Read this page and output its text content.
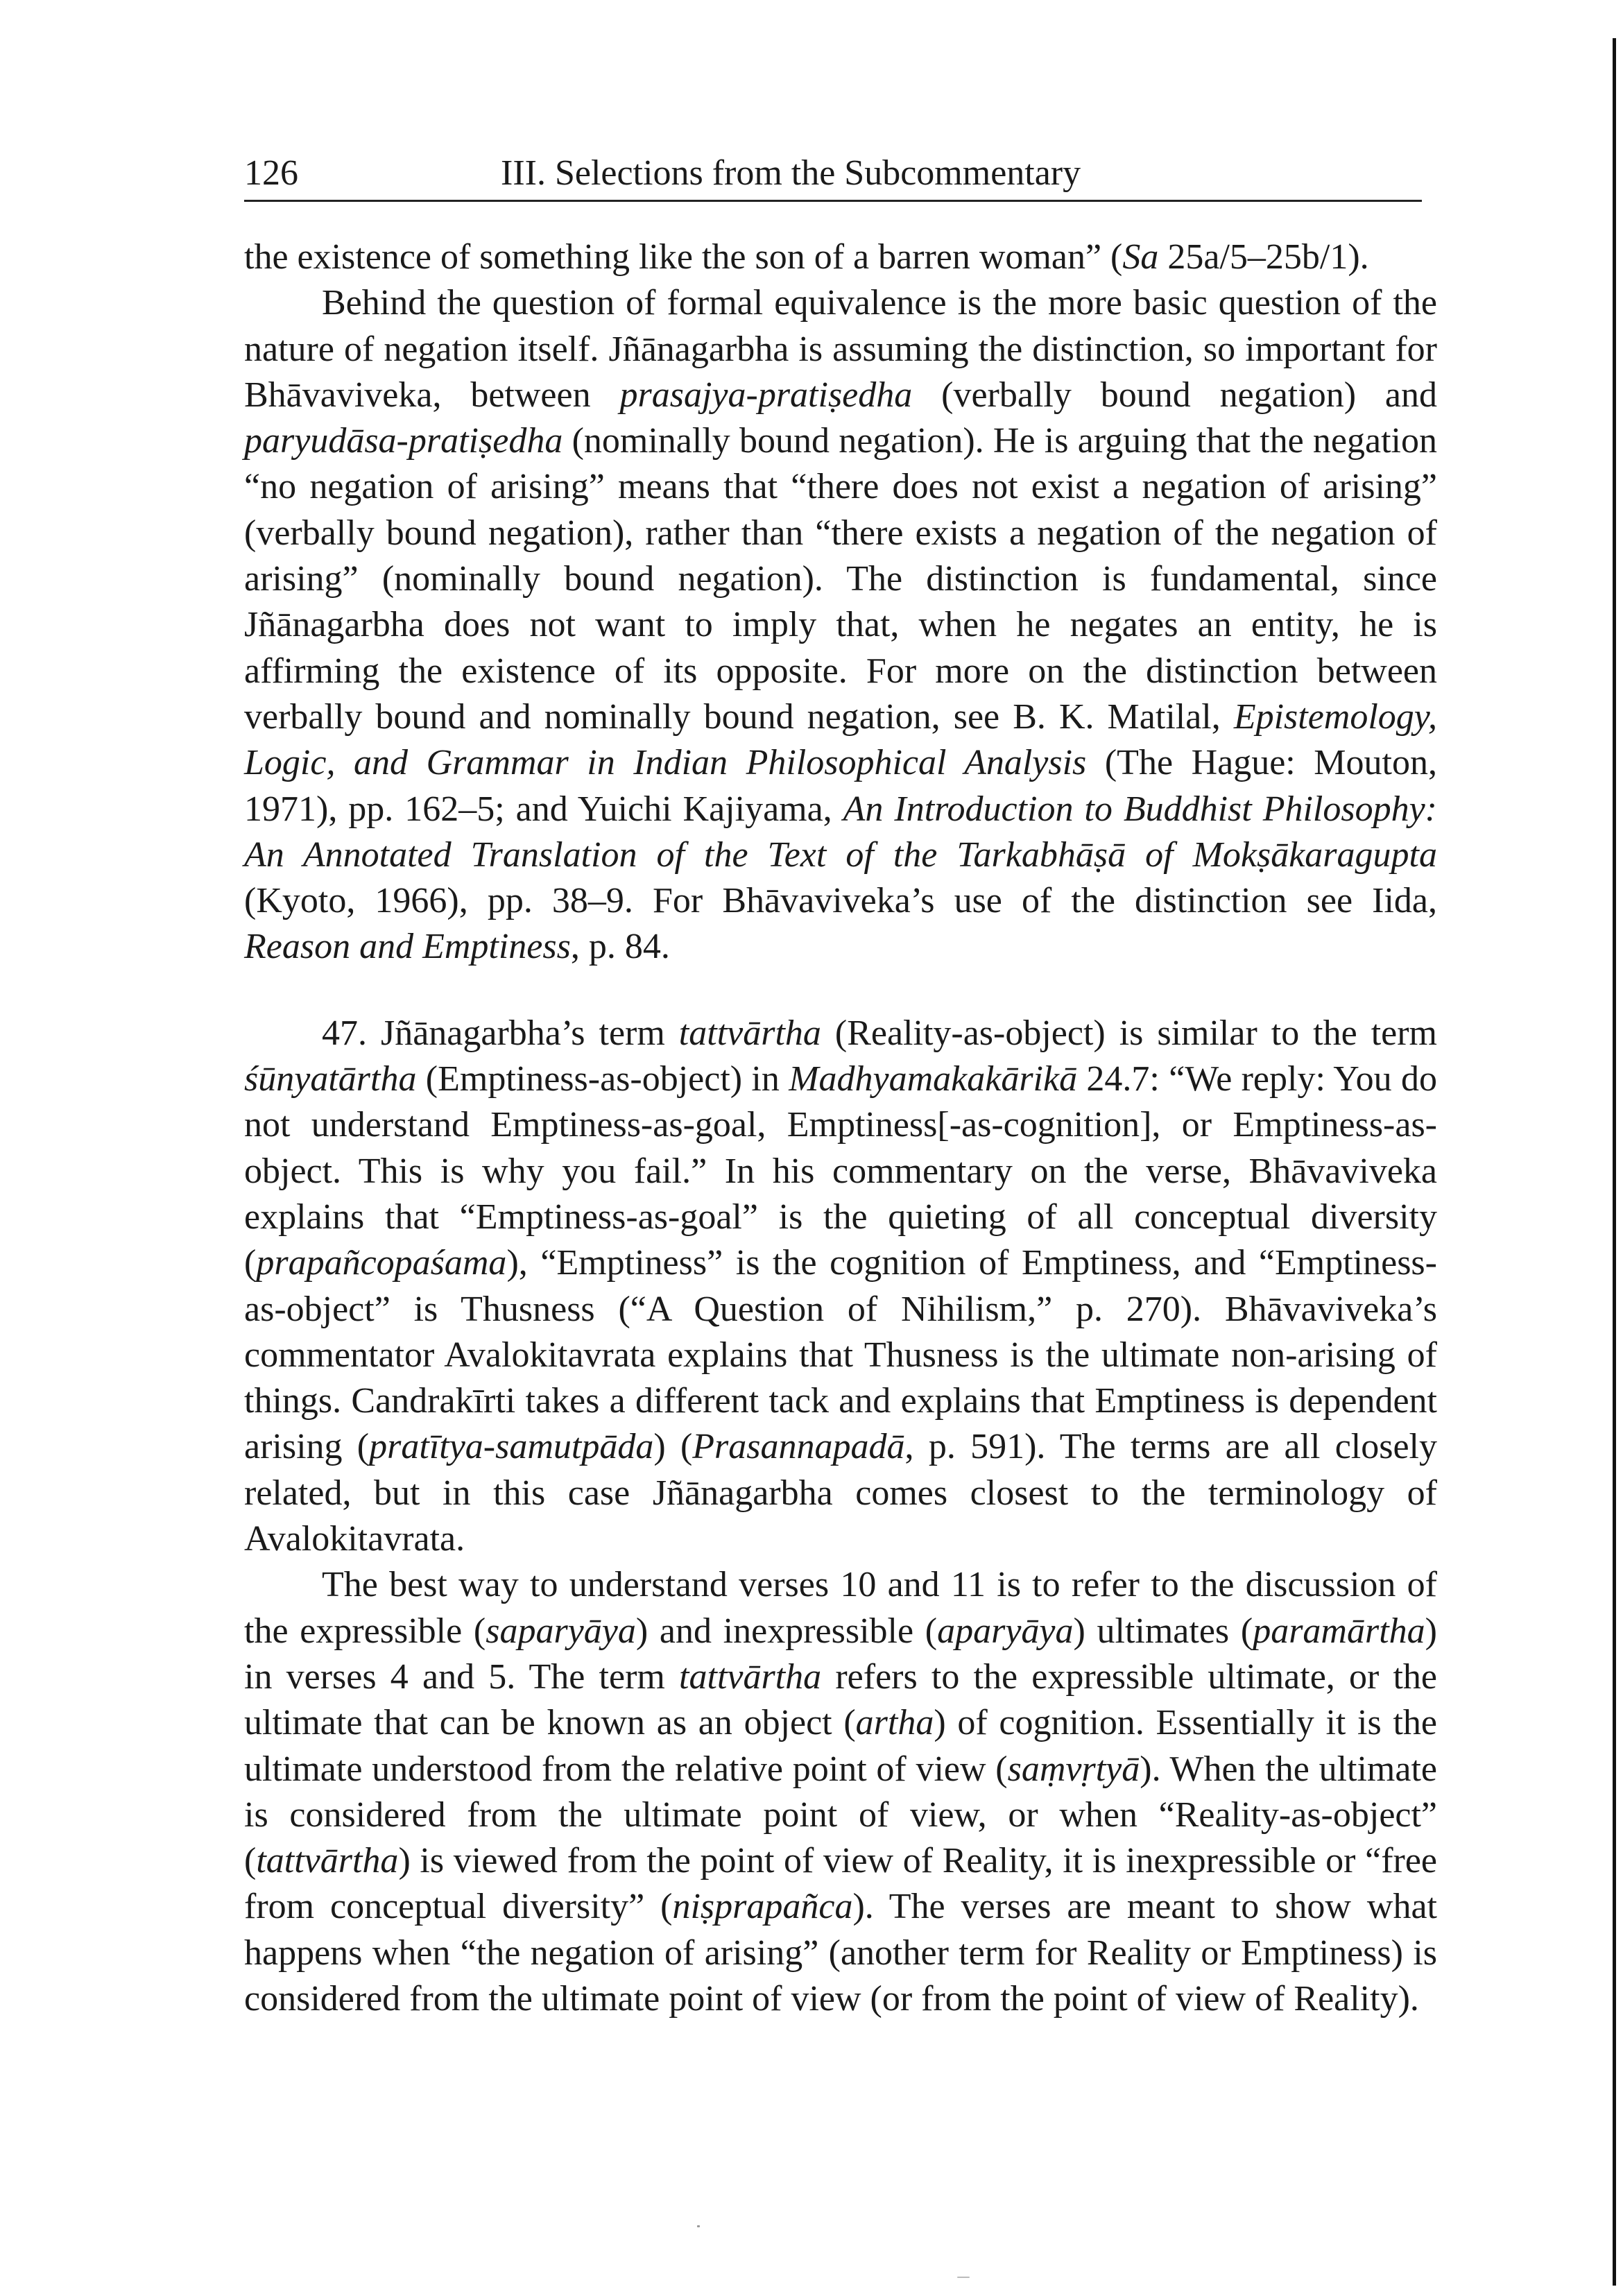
126	III. Selections from the Subcommentary

the existence of something like the son of a barren woman” (Sa 25a/5–25b/1).

Behind the question of formal equivalence is the more basic question of the nature of negation itself. Jñānagarbha is assuming the distinction, so important for Bhāvaviveka, between prasajya-pratiṣedha (verbally bound negation) and paryudāsa-pratiṣedha (nominally bound negation). He is arguing that the negation “no negation of arising” means that “there does not exist a negation of arising” (verbally bound negation), rather than “there exists a negation of the negation of arising” (nominally bound negation). The distinction is fundamental, since Jñānagarbha does not want to imply that, when he negates an entity, he is affirming the existence of its opposite. For more on the distinction between verbally bound and nominally bound negation, see B. K. Matilal, Epistemology, Logic, and Grammar in Indian Philosophical Analysis (The Hague: Mouton, 1971), pp. 162–5; and Yuichi Kajiyama, An Introduction to Buddhist Philosophy: An Annotated Translation of the Text of the Tarkabhāṣā of Mokṣākaragupta (Kyoto, 1966), pp. 38–9. For Bhāvaviveka’s use of the distinction see Iida, Reason and Emptiness, p. 84.

47. Jñānagarbha’s term tattvārtha (Reality-as-object) is similar to the term śūnyatārtha (Emptiness-as-object) in Madhyamakakārikā 24.7: “We reply: You do not understand Emptiness-as-goal, Emptiness[-as-cognition], or Emptiness-as-object. This is why you fail.” In his commentary on the verse, Bhāvaviveka explains that “Emptiness-as-goal” is the quieting of all conceptual diversity (prapañcopaśama), “Emptiness” is the cognition of Emptiness, and “Emptiness-as-object” is Thusness (“A Question of Nihilism,” p. 270). Bhāvaviveka’s commentator Avalokitavrata explains that Thusness is the ultimate non-arising of things. Candrakīrti takes a different tack and explains that Emptiness is dependent arising (pratītya-samutpāda) (Prasannapadā, p. 591). The terms are all closely related, but in this case Jñānagarbha comes closest to the terminology of Avalokitavrata.

The best way to understand verses 10 and 11 is to refer to the discussion of the expressible (saparyāya) and inexpressible (aparyāya) ultimates (paramārtha) in verses 4 and 5. The term tattvārtha refers to the expressible ultimate, or the ultimate that can be known as an object (artha) of cognition. Essentially it is the ultimate understood from the relative point of view (saṃvṛtyā). When the ultimate is considered from the ultimate point of view, or when “Reality-as-object” (tattvārtha) is viewed from the point of view of Reality, it is inexpressible or “free from conceptual diversity” (niṣprapañca). The verses are meant to show what happens when “the negation of arising” (another term for Reality or Emptiness) is considered from the ultimate point of view (or from the point of view of Reality).
